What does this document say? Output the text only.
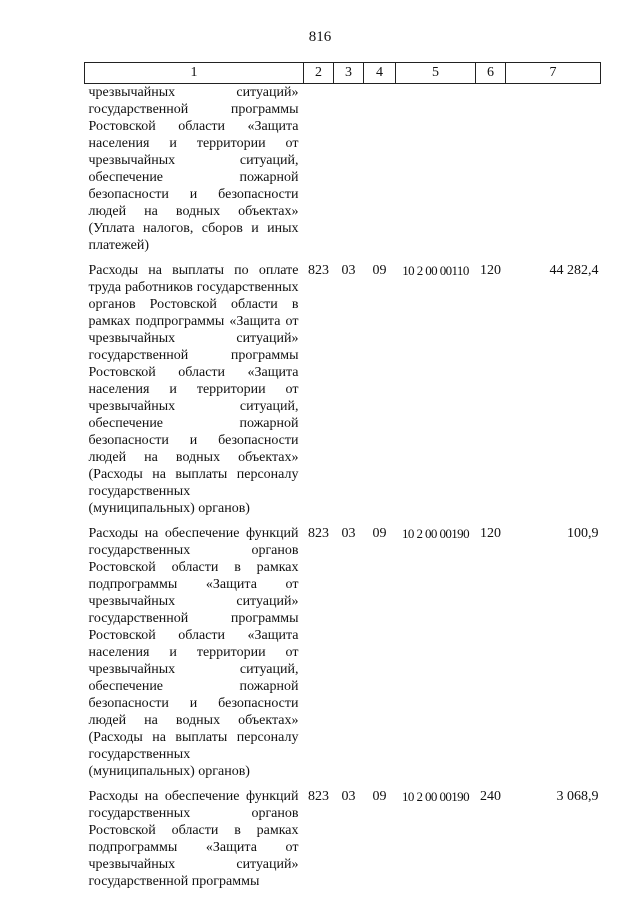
816
1	2	3	4	5	6	7
чрезвычайных ситуаций» государственной программы Ростовской области «Защита населения и территории от чрезвычайных ситуаций, обеспечение пожарной безопасности и безопасности людей на водных объектах» (Уплата налогов, сборов и иных платежей)						

Расходы на выплаты по оплате труда работников государственных органов Ростовской области в рамках подпрограммы «Защита от чрезвычайных ситуаций» государственной программы Ростовской области «Защита населения и территории от чрезвычайных ситуаций, обеспечение пожарной безопасности и безопасности людей на водных объектах» (Расходы на выплаты персоналу государственных (муниципальных) органов)	823	03	09	10 2 00 00110	120	44 282,4

Расходы на обеспечение функций государственных органов Ростовской области в рамках подпрограммы «Защита от чрезвычайных ситуаций» государственной программы Ростовской области «Защита населения и территории от чрезвычайных ситуаций, обеспечение пожарной безопасности и безопасности людей на водных объектах» (Расходы на выплаты персоналу государственных (муниципальных) органов)	823	03	09	10 2 00 00190	120	100,9

Расходы на обеспечение функций государственных органов Ростовской области в рамках подпрограммы «Защита от чрезвычайных ситуаций» государственной программы	823	03	09	10 2 00 00190	240	3 068,9
